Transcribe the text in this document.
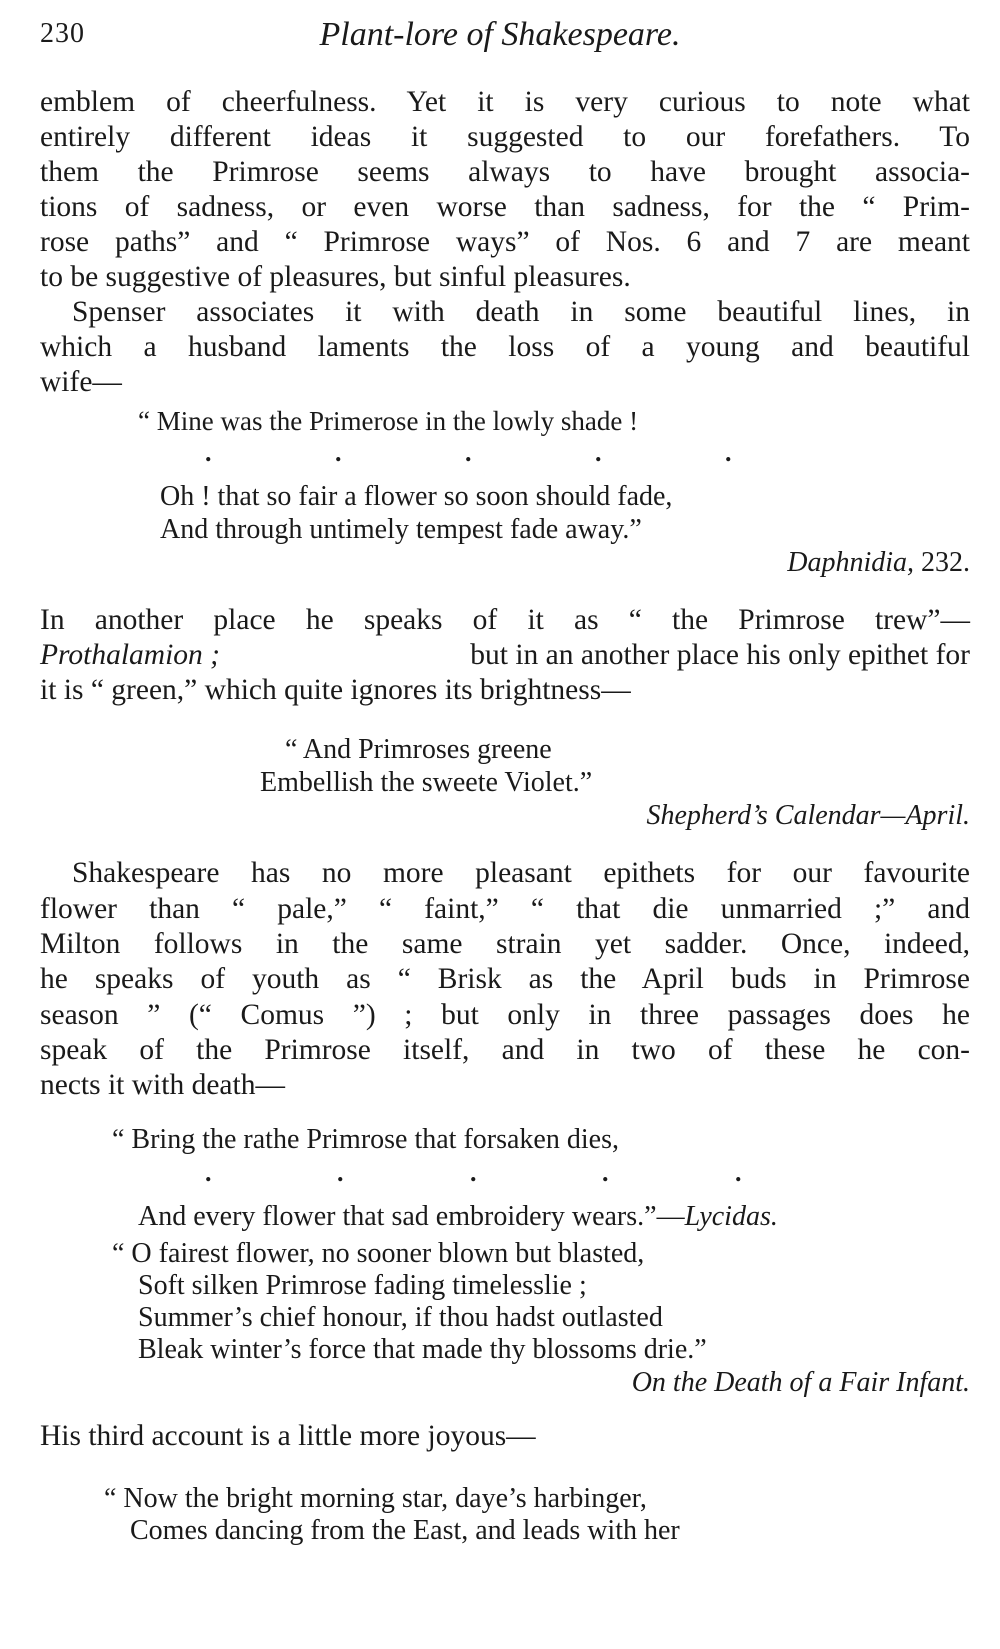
230	Plant-lore of Shakespeare.
emblem of cheerfulness. Yet it is very curious to note what
entirely different ideas it suggested to our forefathers. To
them the Primrose seems always to have brought associa-
tions of sadness, or even worse than sadness, for the “ Prim-
rose paths” and “ Primrose ways” of Nos. 6 and 7 are meant
to be suggestive of pleasures, but sinful pleasures.
Spenser associates it with death in some beautiful lines, in
which a husband laments the loss of a young and beautiful
wife—
“ Mine was the Primerose in the lowly shade !
.	.	.	.	.
Oh ! that so fair a flower so soon should fade,
And through untimely tempest fade away.”
Daphnidia, 232.
In another place he speaks of it as “ the Primrose trew”—
Prothalamion ;	but in an another place his only epithet for
it is “ green,” which quite ignores its brightness—
“ And Primroses greene
Embellish the sweete Violet.”
Shepherd’s Calendar—April.
Shakespeare has no more pleasant epithets for our favourite
flower than “ pale,” “ faint,” “ that die unmarried ;” and
Milton follows in the same strain yet sadder. Once, indeed,
he speaks of youth as “ Brisk as the April buds in Primrose
season ” (“ Comus ”) ; but only in three passages does he
speak of the Primrose itself, and in two of these he con-
nects it with death—
“ Bring the rathe Primrose that forsaken dies,
.	.	.	.	.
And every flower that sad embroidery wears.”—Lycidas.
“ O fairest flower, no sooner blown but blasted,
Soft silken Primrose fading timelesslie ;
Summer’s chief honour, if thou hadst outlasted
Bleak winter’s force that made thy blossoms drie.”
On the Death of a Fair Infant.
His third account is a little more joyous—
“ Now the bright morning star, daye’s harbinger,
Comes dancing from the East, and leads with her
